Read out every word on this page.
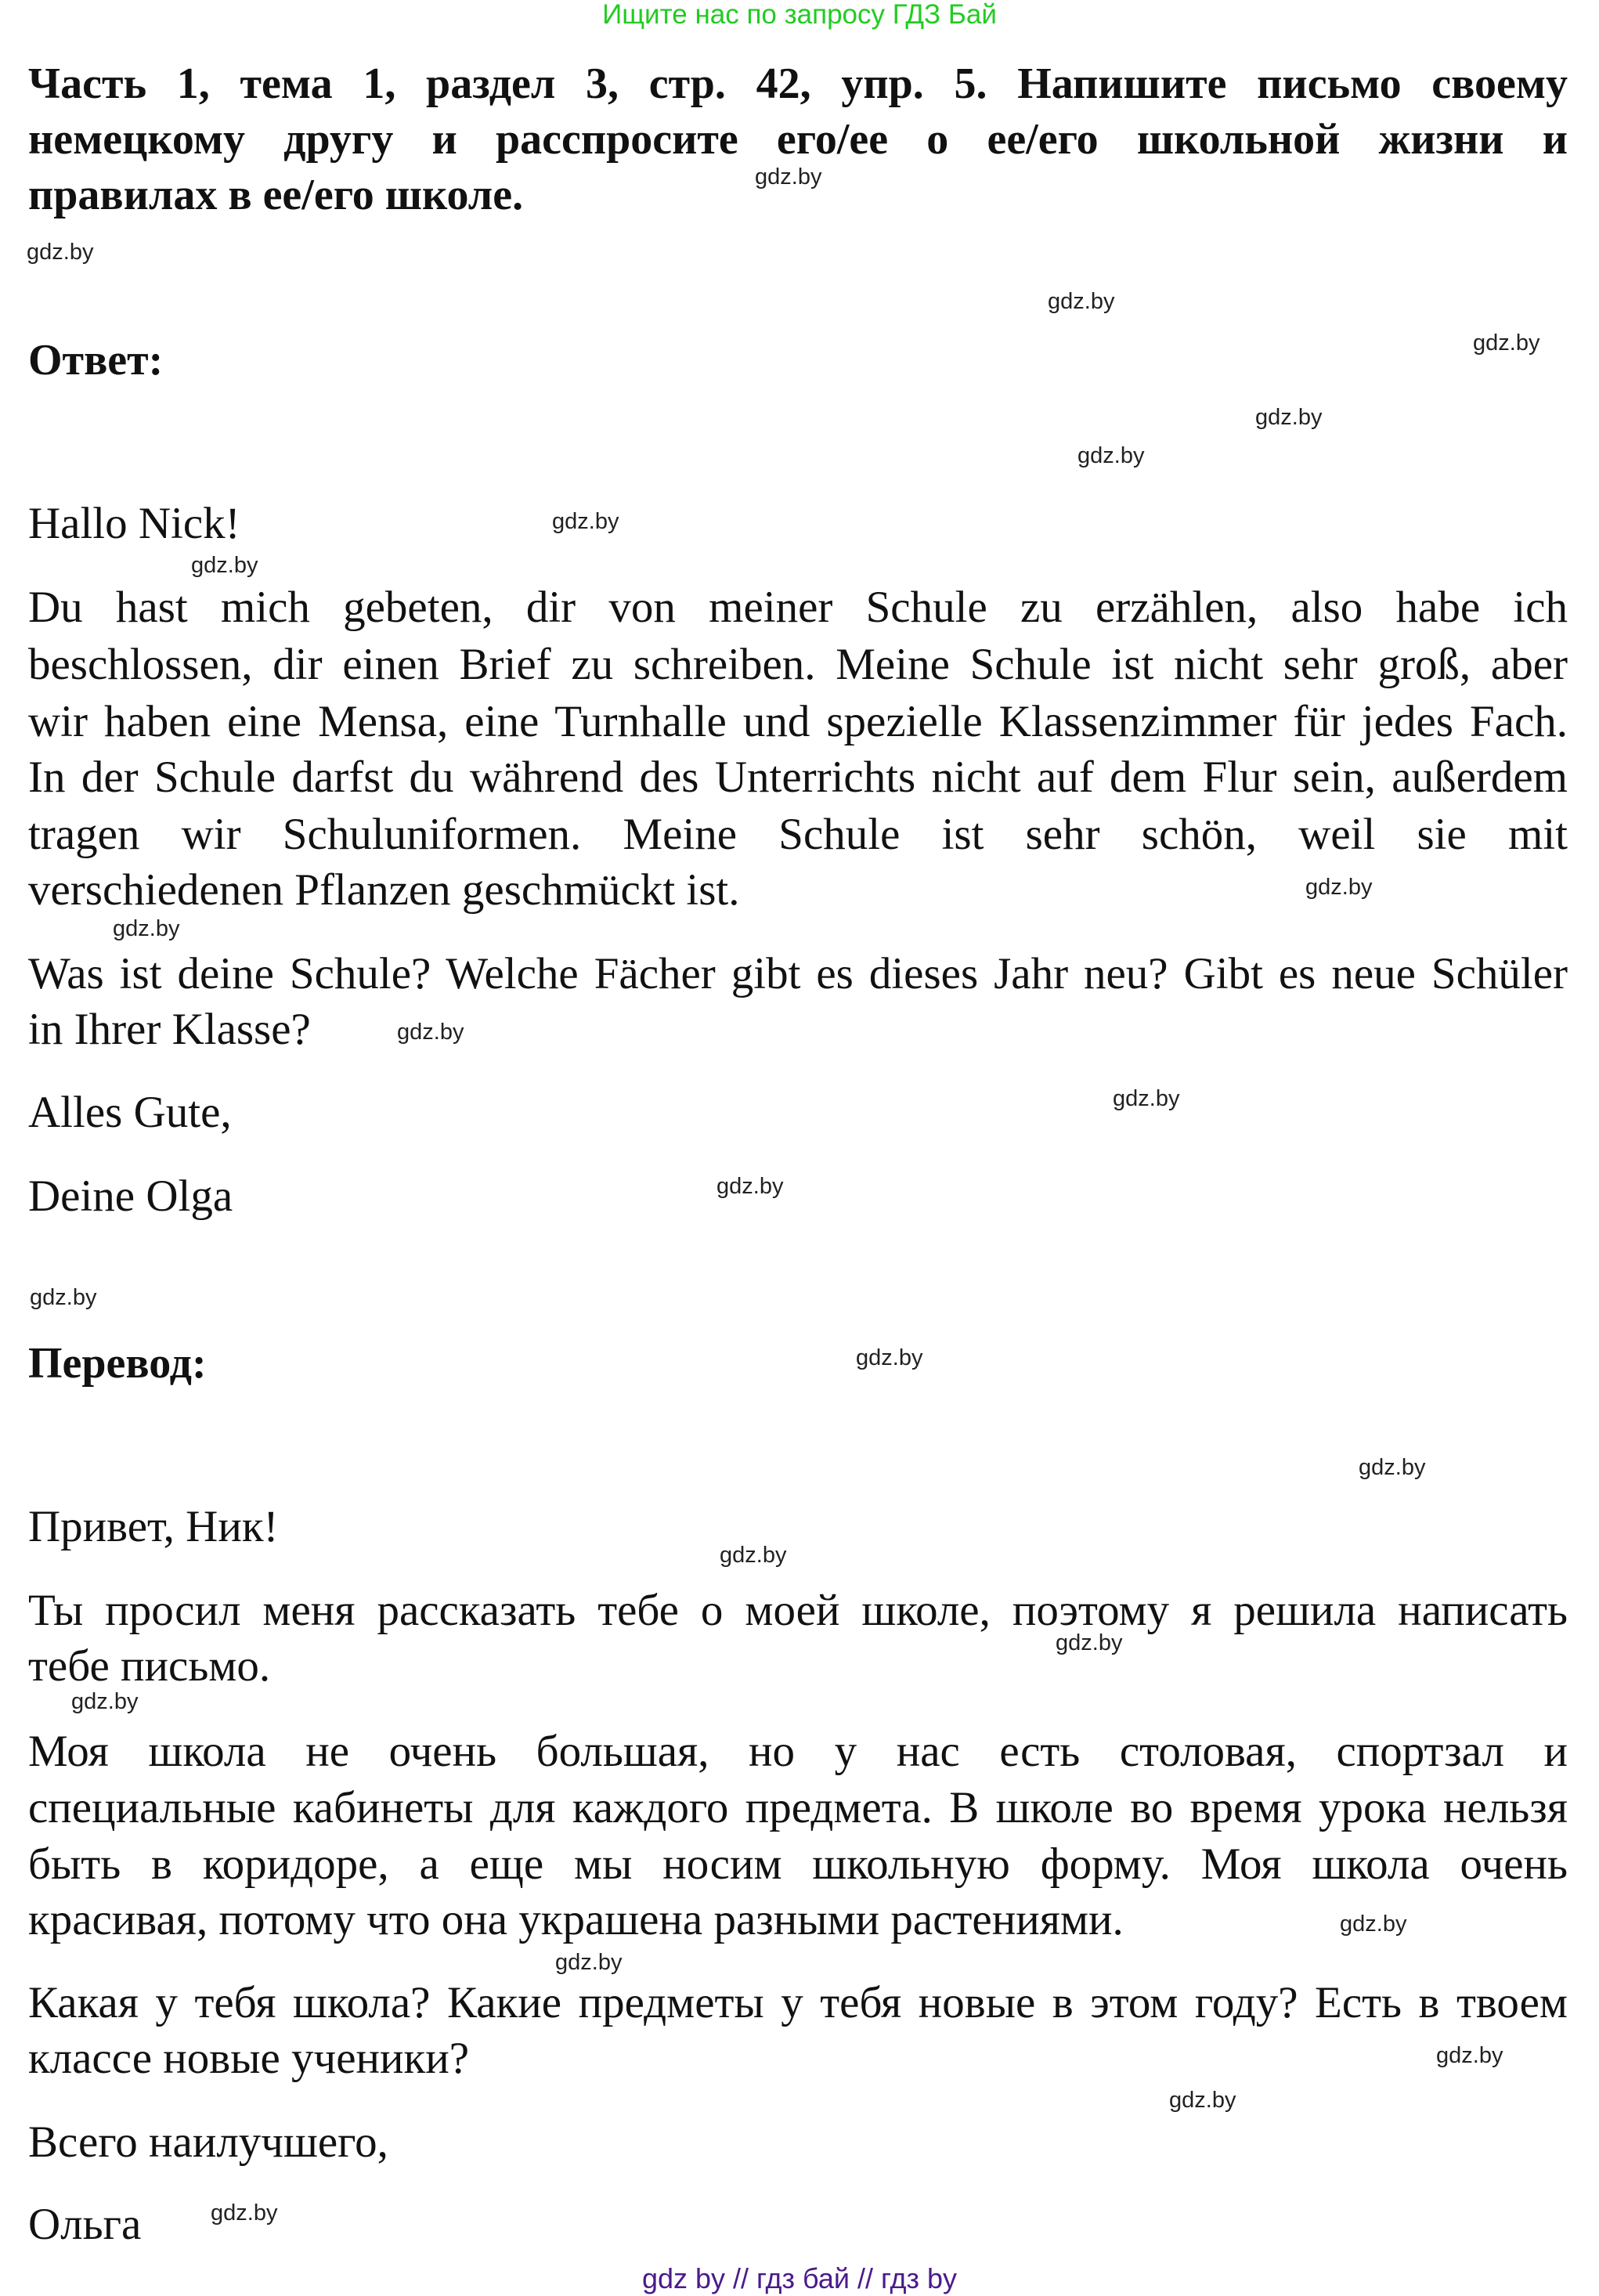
Ищите нас по запросу ГДЗ Бай
Часть 1, тема 1, раздел 3, стр. 42, упр. 5. Напишите письмо своему
немецкому другу и расспросите его/ее о ее/его школьной жизни и
правилах в ее/его школе.
Ответ:
Hallo Nick!
Du hast mich gebeten, dir von meiner Schule zu erzählen, also habe ich
beschlossen, dir einen Brief zu schreiben. Meine Schule ist nicht sehr groß, aber
wir haben eine Mensa, eine Turnhalle und spezielle Klassenzimmer für jedes Fach.
In der Schule darfst du während des Unterrichts nicht auf dem Flur sein, außerdem
tragen wir Schuluniformen. Meine Schule ist sehr schön, weil sie mit
verschiedenen Pflanzen geschmückt ist.
Was ist deine Schule? Welche Fächer gibt es dieses Jahr neu? Gibt es neue Schüler
in Ihrer Klasse?
Alles Gute,
Deine Olga
Перевод:
Привет, Ник!
Ты просил меня рассказать тебе о моей школе, поэтому я решила написать
тебе письмо.
Моя школа не очень большая, но у нас есть столовая, спортзал и
специальные кабинеты для каждого предмета. В школе во время урока нельзя
быть в коридоре, а еще мы носим школьную форму. Моя школа очень
красивая, потому что она украшена разными растениями.
Какая у тебя школа? Какие предметы у тебя новые в этом году? Есть в твоем
классе новые ученики?
Всего наилучшего,
Ольга
gdz.by
gdz.by
gdz.by
gdz.by
gdz.by
gdz.by
gdz.by
gdz.by
gdz.by
gdz.by
gdz.by
gdz.by
gdz.by
gdz.by
gdz.by
gdz.by
gdz.by
gdz.by
gdz.by
gdz.by
gdz.by
gdz.by
gdz.by
gdz.by
gdz by // гдз бай // гдз by
